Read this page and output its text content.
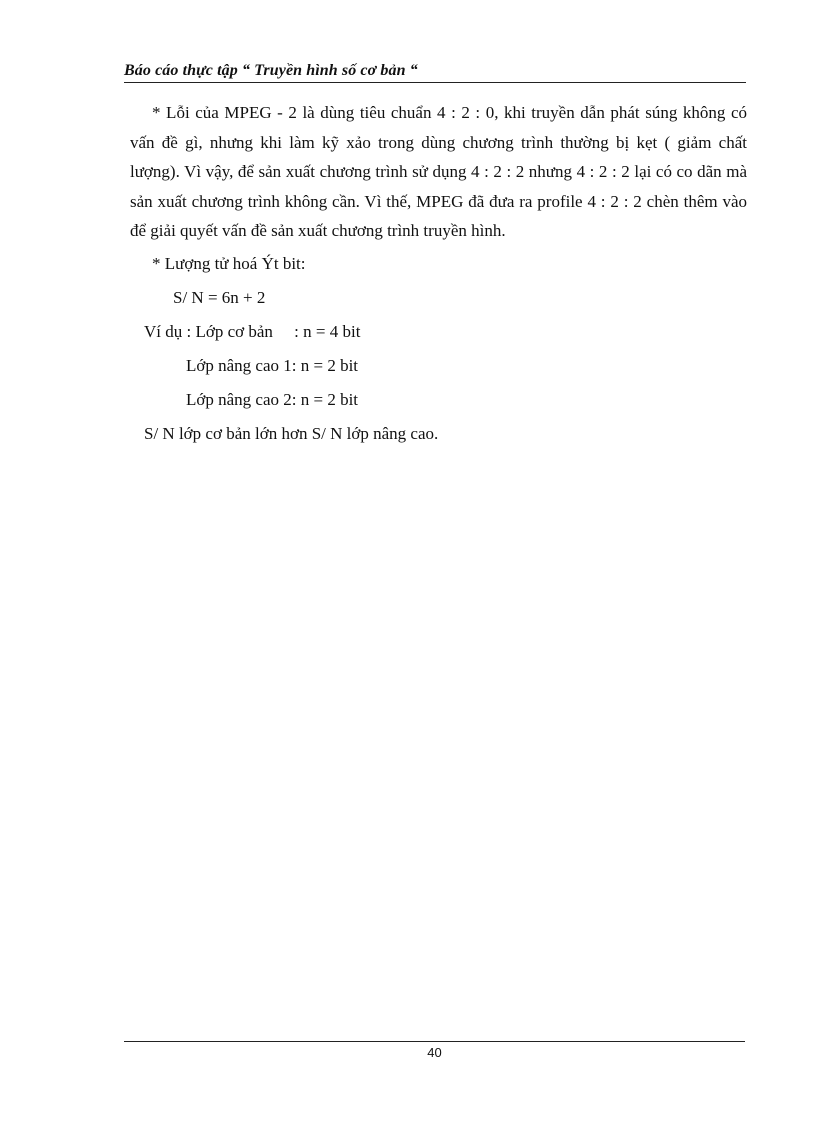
Báo cáo thực tập “ Truyền hình số cơ bản “

* Lỗi của MPEG - 2 là dùng tiêu chuẩn 4 : 2 : 0, khi truyền dẫn phát súng không có vấn đề gì, nhưng khi làm kỹ xảo trong dùng chương trình thường bị kẹt ( giảm chất lượng). Vì vậy, để sản xuất chương trình sử dụng 4 : 2 : 2 nhưng 4 : 2 : 2 lại có co dãn mà sản xuất chương trình không cần. Vì thế, MPEG đã đưa ra profile 4 : 2 : 2 chèn thêm vào để giải quyết vấn đề sản xuất chương trình truyền hình.

* Lượng tử hoá Ýt bit:

S/ N = 6n + 2

Ví dụ : Lớp cơ bản     : n = 4 bit

Lớp nâng cao 1: n = 2 bit

Lớp nâng cao 2: n = 2 bit

S/ N lớp cơ bản lớn hơn S/ N lớp nâng cao.

40
